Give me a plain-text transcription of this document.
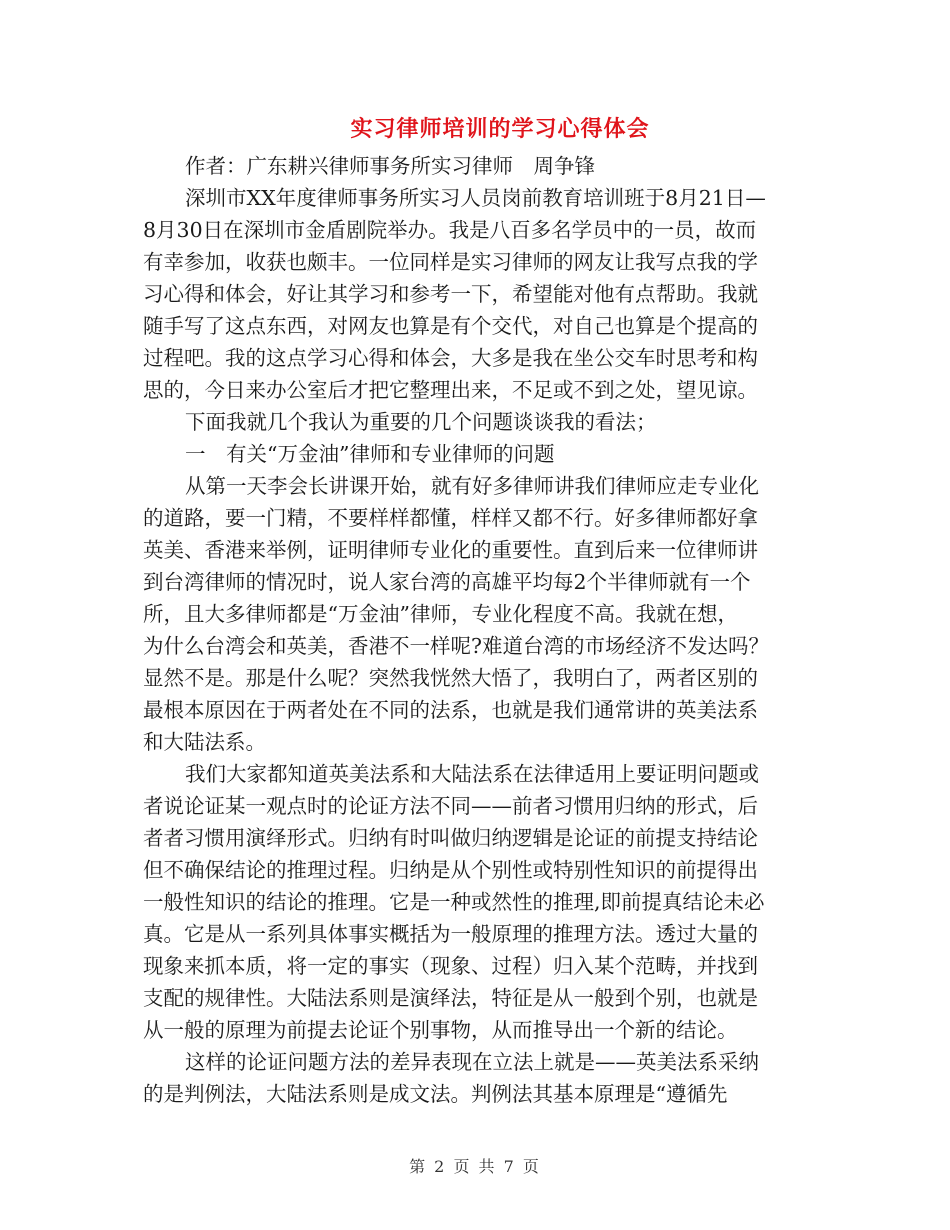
实习律师培训的学习心得体会
作者：广东耕兴律师事务所实习律师　周争锋
深圳市XX年度律师事务所实习人员岗前教育培训班于8月21日—
8月30日在深圳市金盾剧院举办。我是八百多名学员中的一员，故而
有幸参加，收获也颇丰。一位同样是实习律师的网友让我写点我的学
习心得和体会，好让其学习和参考一下，希望能对他有点帮助。我就
随手写了这点东西，对网友也算是有个交代，对自己也算是个提高的
过程吧。我的这点学习心得和体会，大多是我在坐公交车时思考和构
思的，今日来办公室后才把它整理出来，不足或不到之处，望见谅。
下面我就几个我认为重要的几个问题谈谈我的看法；
一　有关“万金油”律师和专业律师的问题
从第一天李会长讲课开始，就有好多律师讲我们律师应走专业化
的道路，要一门精，不要样样都懂，样样又都不行。好多律师都好拿
英美、香港来举例，证明律师专业化的重要性。直到后来一位律师讲
到台湾律师的情况时，说人家台湾的高雄平均每2个半律师就有一个
所，且大多律师都是“万金油”律师，专业化程度不高。我就在想，
为什么台湾会和英美，香港不一样呢?难道台湾的市场经济不发达吗？
显然不是。那是什么呢？突然我恍然大悟了，我明白了，两者区别的
最根本原因在于两者处在不同的法系，也就是我们通常讲的英美法系
和大陆法系。
我们大家都知道英美法系和大陆法系在法律适用上要证明问题或
者说论证某一观点时的论证方法不同——前者习惯用归纳的形式，后
者者习惯用演绎形式。归纳有时叫做归纳逻辑是论证的前提支持结论
但不确保结论的推理过程。归纳是从个别性或特别性知识的前提得出
一般性知识的结论的推理。它是一种或然性的推理,即前提真结论未必
真。它是从一系列具体事实概括为一般原理的推理方法。透过大量的
现象来抓本质，将一定的事实（现象、过程）归入某个范畴，并找到
支配的规律性。大陆法系则是演绎法，特征是从一般到个别，也就是
从一般的原理为前提去论证个别事物，从而推导出一个新的结论。
这样的论证问题方法的差异表现在立法上就是——英美法系采纳
的是判例法，大陆法系则是成文法。判例法其基本原理是“遵循先
第 2 页 共 7 页
